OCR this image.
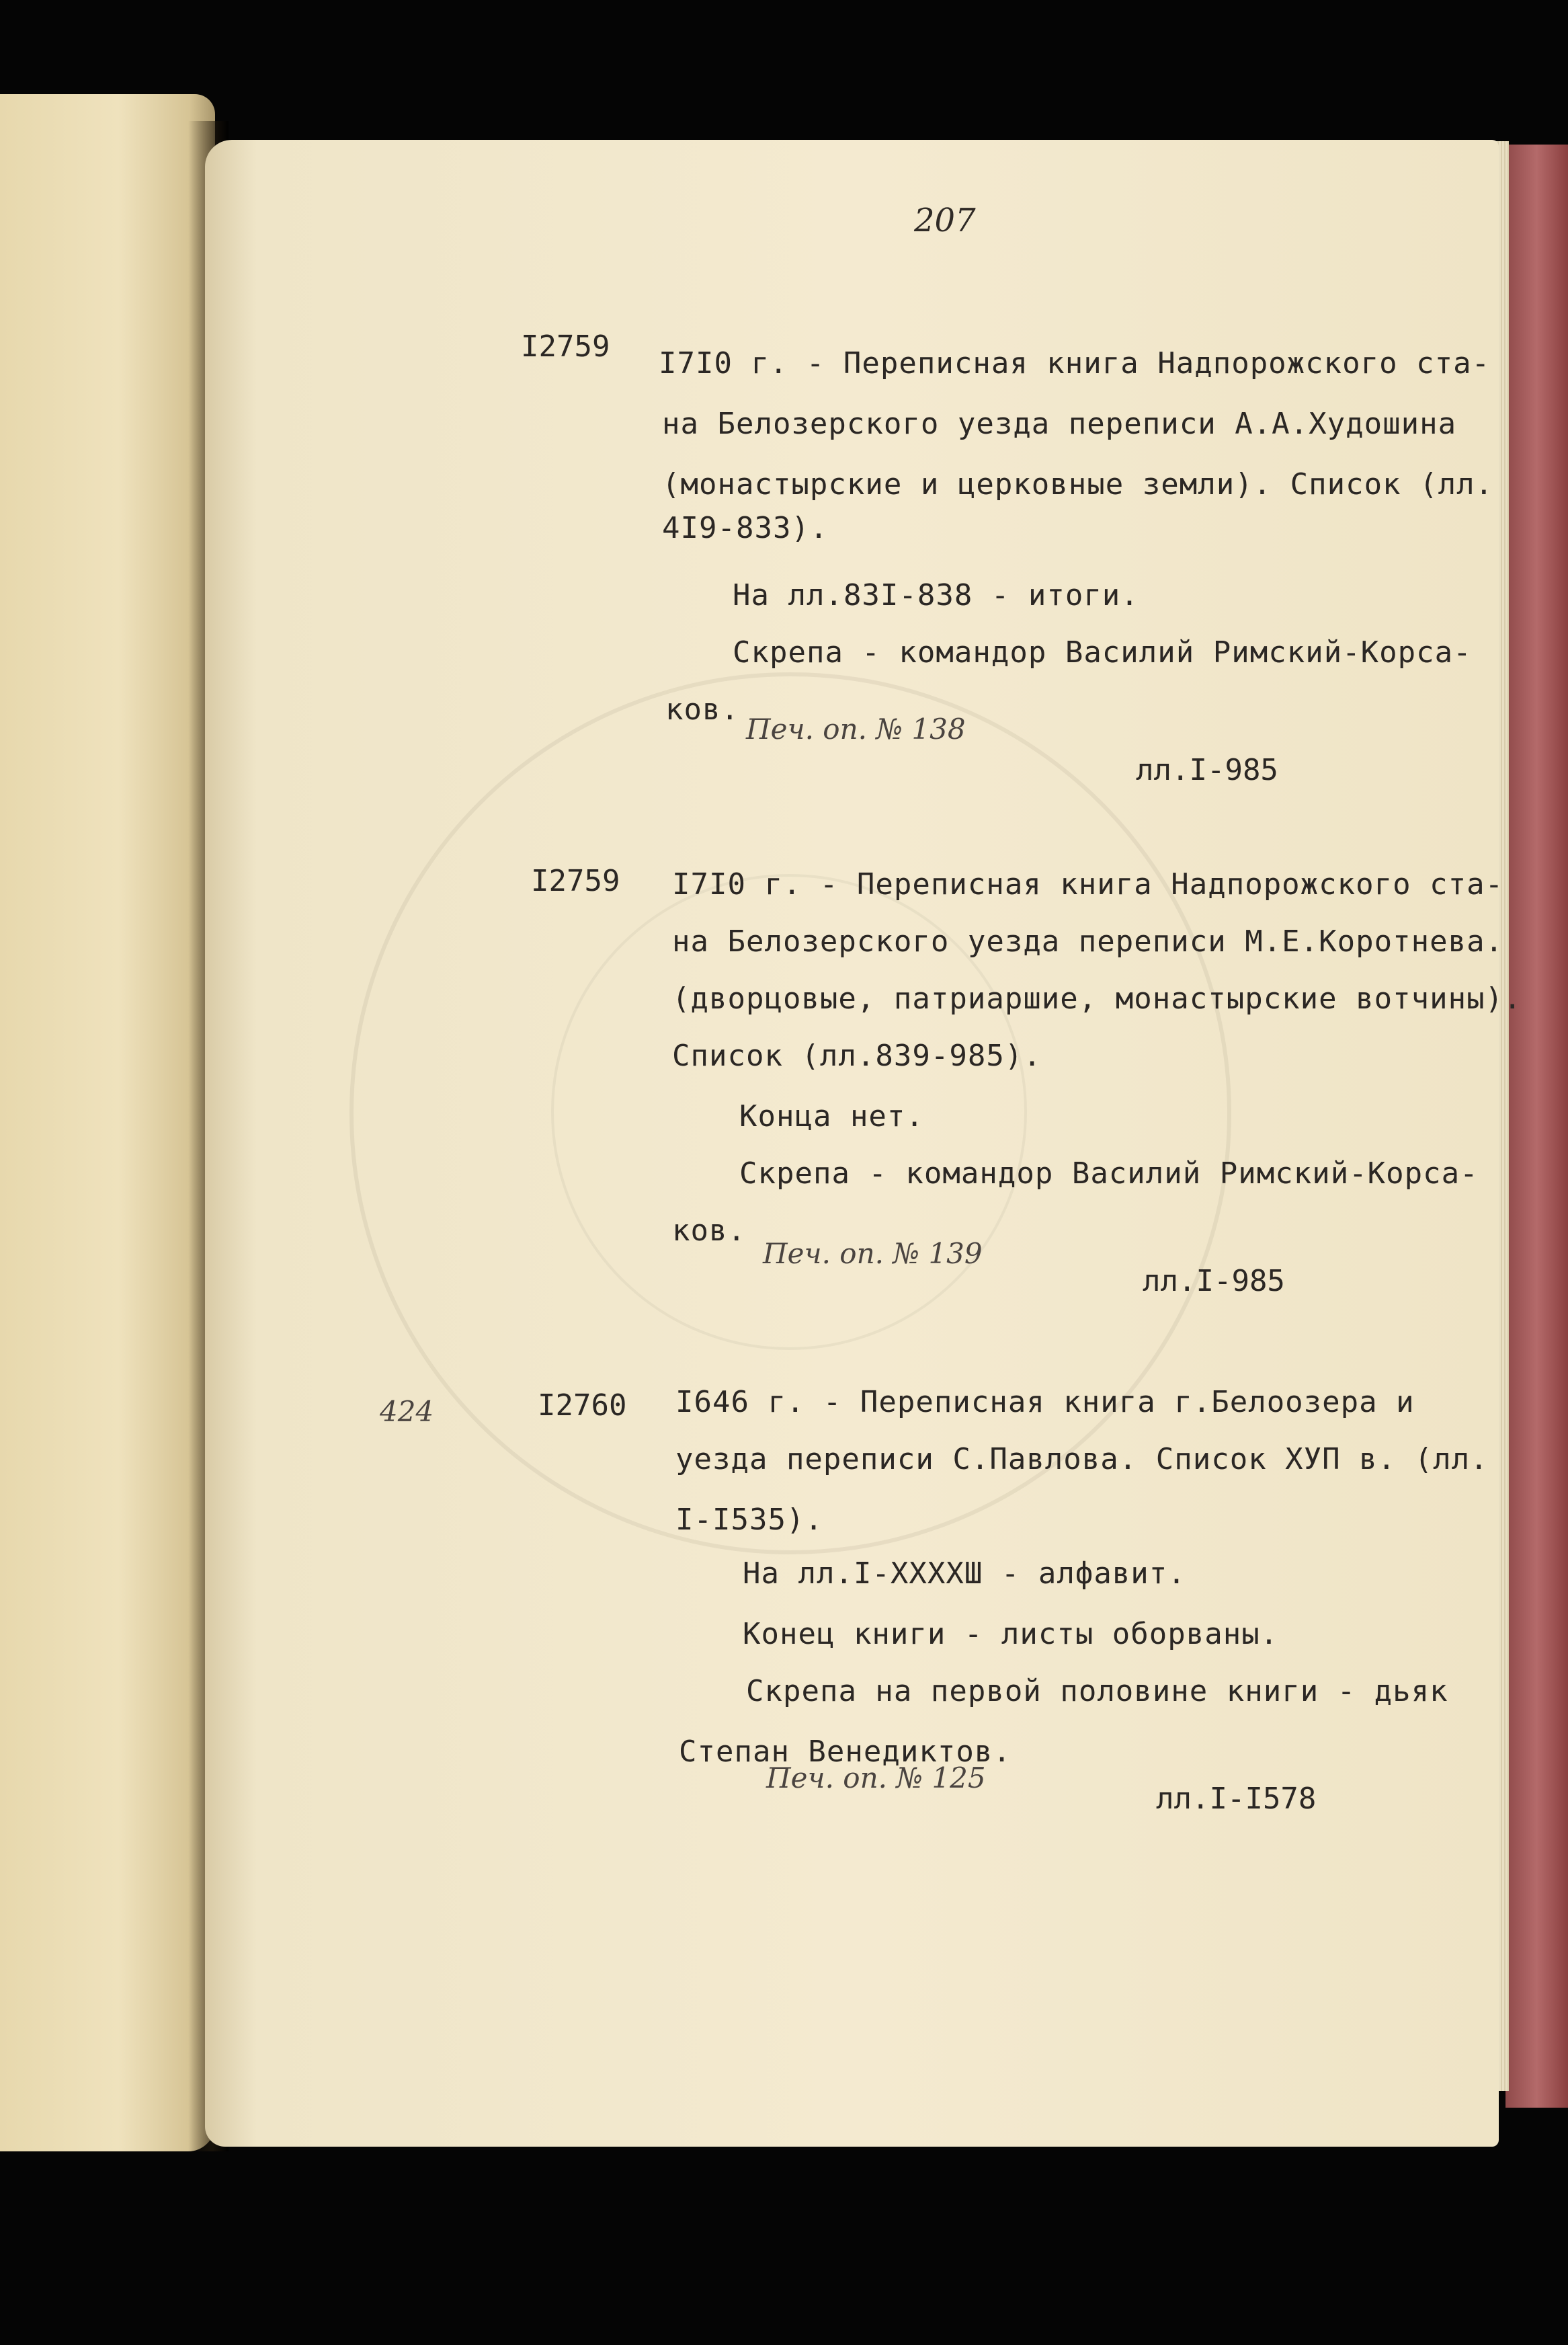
207
I2759 I7I0 г. - Переписная книга Надпорожского ста-
на Белозерского уезда переписи А.А.Худошина
(монастырские и церковные земли). Список (лл.
4I9-833).
На лл.83I-838 - итоги.
Скрепа - командор Василий Римский-Корса-
ков.
Печ. оп. № 138
лл.I-985
I2759 I7I0 г. - Переписная книга Надпорожского ста-
на Белозерского уезда переписи М.Е.Коротнева.
(дворцовые, патриаршие, монастырские вотчины).
Список (лл.839-985).
Конца нет.
Скрепа - командор Василий Римский-Корса-
ков.
Печ. оп. № 139
лл.I-985
424	I2760 I646 г. - Переписная книга г.Белоозера и
уезда переписи С.Павлова. Список ХУП в. (лл.
I-I535).
На лл.I-XXXXШ - алфавит.
Конец книги - листы оборваны.
Скрепа на первой половине книги - дьяк
Степан Венедиктов.
Печ. оп. № 125
лл.I-I578
